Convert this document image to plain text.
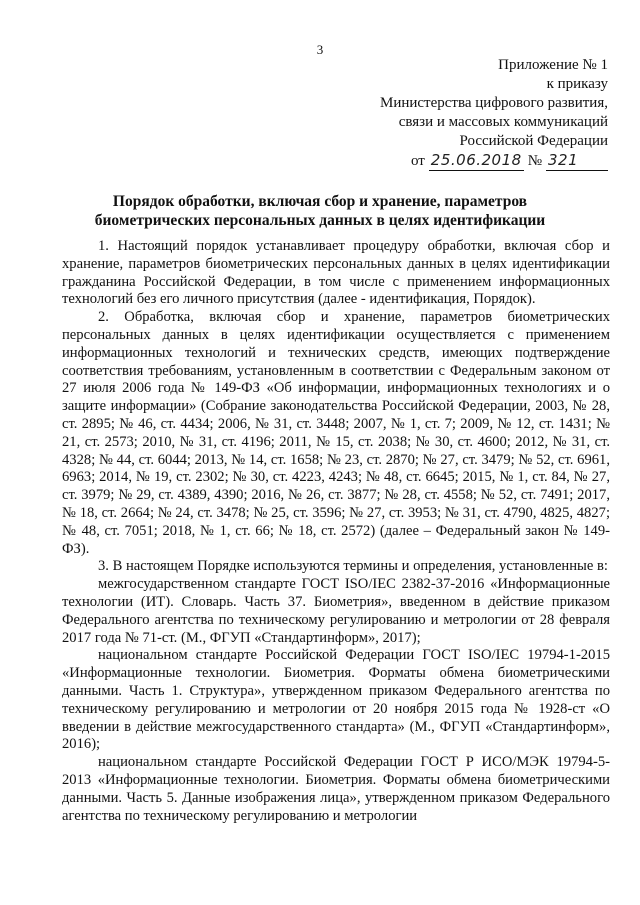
3
Приложение № 1
к приказу
Министерства цифрового развития,
связи и массовых коммуникаций
Российской Федерации
от 25.06.2018 № 321
Порядок обработки, включая сбор и хранение, параметров биометрических персональных данных в целях идентификации

1. Настоящий порядок устанавливает процедуру обработки, включая сбор и хранение, параметров биометрических персональных данных в целях идентификации гражданина Российской Федерации, в том числе с применением информационных технологий без его личного присутствия (далее - идентификация, Порядок).

2. Обработка, включая сбор и хранение, параметров биометрических персональных данных в целях идентификации осуществляется с применением информационных технологий и технических средств, имеющих подтверждение соответствия требованиям, установленным в соответствии с Федеральным законом от 27 июля 2006 года № 149-ФЗ «Об информации, информационных технологиях и о защите информации» (Собрание законодательства Российской Федерации, 2003, № 28, ст. 2895; № 46, ст. 4434; 2006, № 31, ст. 3448; 2007, № 1, ст. 7; 2009, № 12, ст. 1431; № 21, ст. 2573; 2010, № 31, ст. 4196; 2011, № 15, ст. 2038; № 30, ст. 4600; 2012, № 31, ст. 4328; № 44, ст. 6044; 2013, № 14, ст. 1658; № 23, ст. 2870; № 27, ст. 3479; № 52, ст. 6961, 6963; 2014, № 19, ст. 2302; № 30, ст. 4223, 4243; № 48, ст. 6645; 2015, № 1, ст. 84, № 27, ст. 3979; № 29, ст. 4389, 4390; 2016, № 26, ст. 3877; № 28, ст. 4558; № 52, ст. 7491; 2017, № 18, ст. 2664; № 24, ст. 3478; № 25, ст. 3596; № 27, ст. 3953; № 31, ст. 4790, 4825, 4827; № 48, ст. 7051; 2018, № 1, ст. 66; № 18, ст. 2572) (далее – Федеральный закон № 149-ФЗ).

3. В настоящем Порядке используются термины и определения, установленные в:

межгосударственном стандарте ГОСТ ISO/IEC 2382-37-2016 «Информационные технологии (ИТ). Словарь. Часть 37. Биометрия», введенном в действие приказом Федерального агентства по техническому регулированию и метрологии от 28 февраля 2017 года № 71-ст. (М., ФГУП «Стандартинформ», 2017);

национальном стандарте Российской Федерации ГОСТ ISO/IEC 19794-1-2015 «Информационные технологии. Биометрия. Форматы обмена биометрическими данными. Часть 1. Структура», утвержденном приказом Федерального агентства по техническому регулированию и метрологии от 20 ноября 2015 года № 1928-ст «О введении в действие межгосударственного стандарта» (М., ФГУП «Стандартинформ», 2016);

национальном стандарте Российской Федерации ГОСТ Р ИСО/МЭК 19794-5-2013 «Информационные технологии. Биометрия. Форматы обмена биометрическими данными. Часть 5. Данные изображения лица», утвержденном приказом Федерального агентства по техническому регулированию и метрологии
